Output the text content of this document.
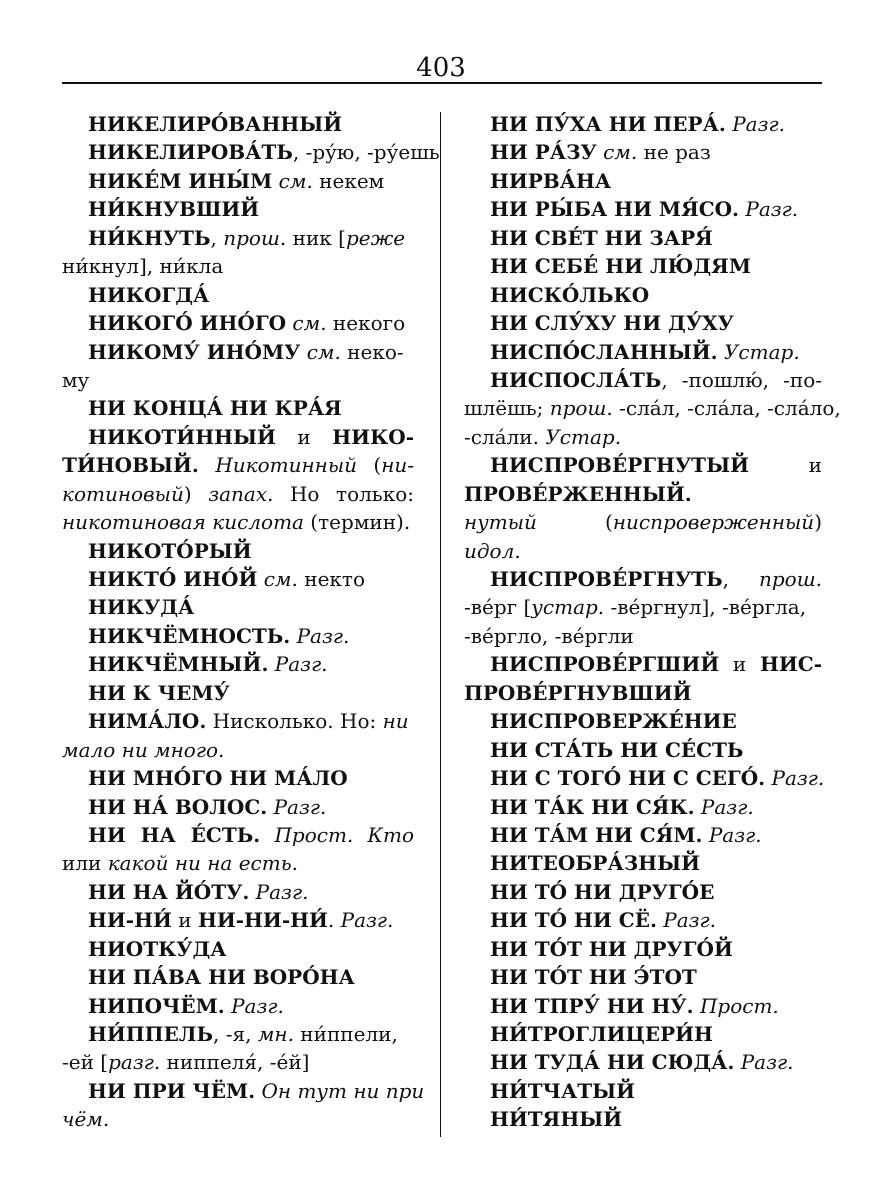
403
НИКЕЛИРО́ВАННЫЙ
НИКЕЛИРОВА́ТЬ, -ру́ю, -ру́ешь
НИКЕ́М ИНЫ́М см. некем
НИ́КНУВШИЙ
НИ́КНУТЬ, прош. ник [реже
ни́кнул], ни́кла
НИКОГДА́
НИКОГО́ ИНО́ГО см. некого
НИКОМУ́ ИНО́МУ см. неко-
му
НИ КОНЦА́ НИ КРА́Я
НИКОТИ́ННЫЙ и НИКО-
ТИ́НОВЫЙ. Никотинный (ни-
котиновый) запах. Но только:
никотиновая кислота (термин).
НИКОТО́РЫЙ
НИКТО́ ИНО́Й см. некто
НИКУДА́
НИКЧЁМНОСТЬ. Разг.
НИКЧЁМНЫЙ. Разг.
НИ К ЧЕМУ́
НИМА́ЛО. Нисколько. Но: ни
мало ни много.
НИ МНО́ГО НИ МА́ЛО
НИ НА́ ВОЛОС. Разг.
НИ НА Е́СТЬ. Прост. Кто
или какой ни на есть.
НИ НА ЙО́ТУ. Разг.
НИ-НИ́ и НИ-НИ-НИ́. Разг.
НИОТКУ́ДА
НИ ПА́ВА НИ ВОРО́НА
НИПОЧЁМ. Разг.
НИ́ППЕЛЬ, -я, мн. ни́ппели,
-ей [разг. ниппеля́, -е́й]
НИ ПРИ ЧЁМ. Он тут ни при
чём.
НИ ПУ́ХА НИ ПЕРА́. Разг.
НИ РА́ЗУ см. не раз
НИРВА́НА
НИ РЫ́БА НИ МЯ́СО. Разг.
НИ СВЕ́Т НИ ЗАРЯ́
НИ СЕБЕ́ НИ ЛЮ́ДЯМ
НИСКО́ЛЬКО
НИ СЛУ́ХУ НИ ДУ́ХУ
НИСПО́СЛАННЫЙ. Устар.
НИСПОСЛА́ТЬ, -пошлю́, -по-
шлёшь; прош. -сла́л, -сла́ла, -сла́ло,
-сла́ли. Устар.
НИСПРОВЕ́РГНУТЫЙ и
ПРОВЕ́РЖЕННЫЙ.
нутый (ниспроверженный)
идол.
НИСПРОВЕ́РГНУТЬ, прош.
-ве́рг [устар. -ве́ргнул], -ве́ргла,
-ве́ргло, -ве́ргли
НИСПРОВЕ́РГШИЙ и НИС-
ПРОВЕ́РГНУВШИЙ
НИСПРОВЕРЖЕ́НИЕ
НИ СТА́ТЬ НИ СЕ́СТЬ
НИ С ТОГО́ НИ С СЕГО́. Разг.
НИ ТА́К НИ СЯ́К. Разг.
НИ ТА́М НИ СЯ́М. Разг.
НИТЕОБРА́ЗНЫЙ
НИ ТО́ НИ ДРУГО́Е
НИ ТО́ НИ СЁ. Разг.
НИ ТО́Т НИ ДРУГО́Й
НИ ТО́Т НИ Э́ТОТ
НИ ТПРУ́ НИ НУ́. Прост.
НИ́ТРОГЛИЦЕРИ́Н
НИ ТУДА́ НИ СЮДА́. Разг.
НИ́ТЧАТЫЙ
НИ́ТЯНЫЙ
